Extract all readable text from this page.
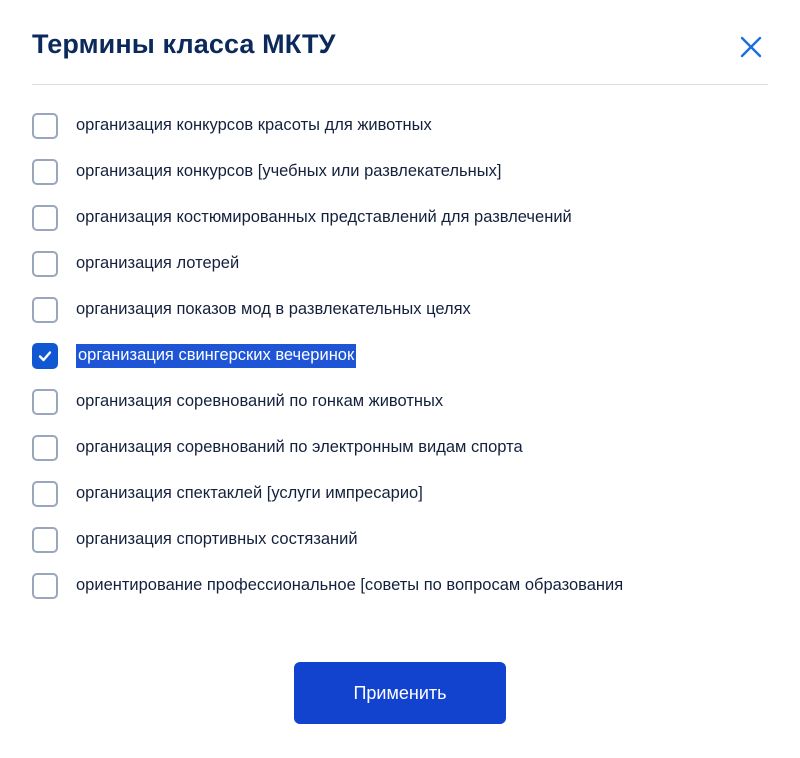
Термины класса МКТУ
организация конкурсов красоты для животных
организация конкурсов [учебных или развлекательных]
организация костюмированных представлений для развлечений
организация лотерей
организация показов мод в развлекательных целях
организация свингерских вечеринок
организация соревнований по гонкам животных
организация соревнований по электронным видам спорта
организация спектаклей [услуги импресарио]
организация спортивных состязаний
ориентирование профессиональное [советы по вопросам образования
Применить
